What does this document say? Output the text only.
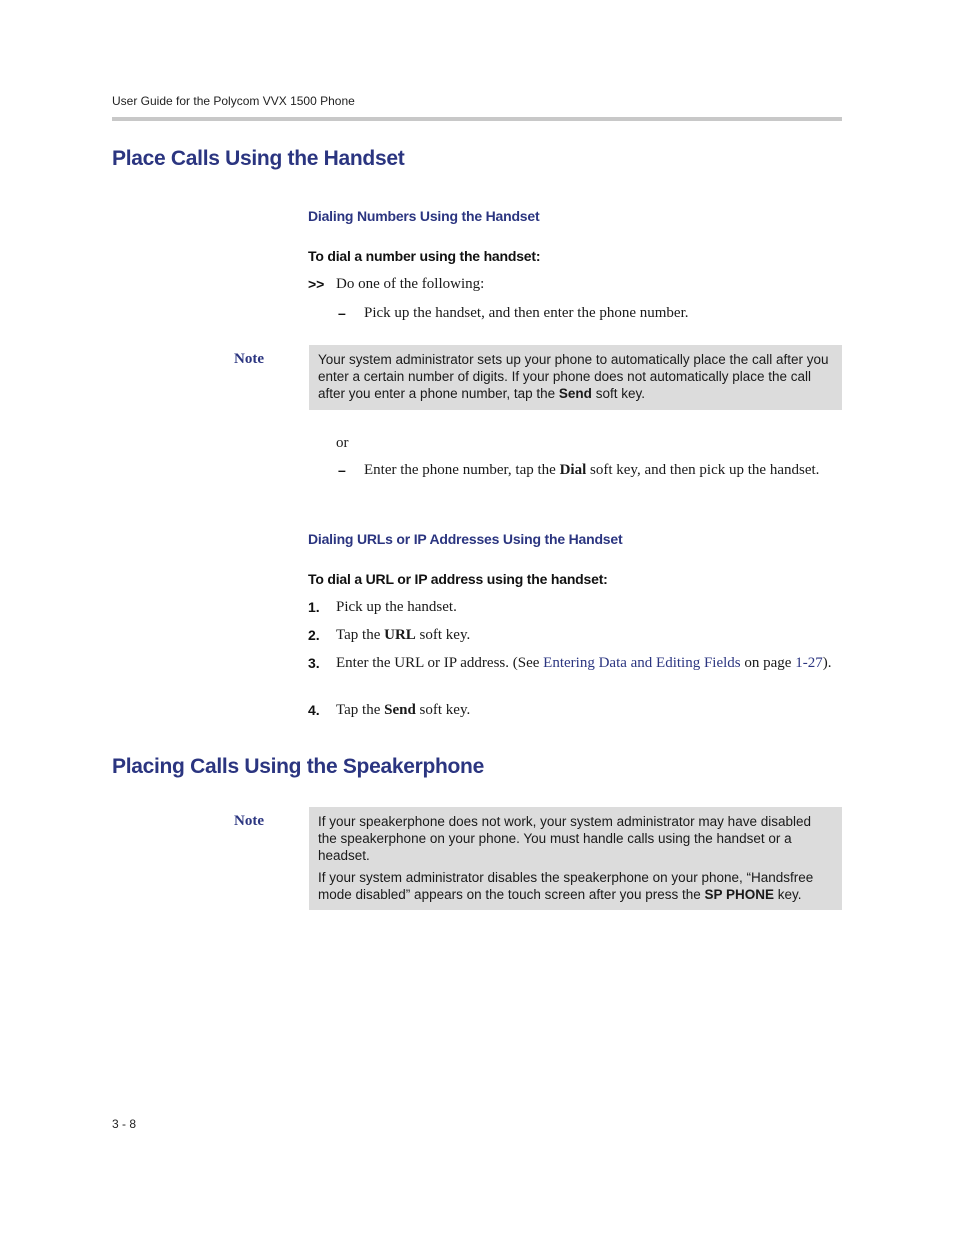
User Guide for the Polycom VVX 1500 Phone
Place Calls Using the Handset
Dialing Numbers Using the Handset
To dial a number using the handset:
>> Do one of the following:
– Pick up the handset, and then enter the phone number.
Note	Your system administrator sets up your phone to automatically place the call after you enter a certain number of digits. If your phone does not automatically place the call after you enter a phone number, tap the Send soft key.

or
– Enter the phone number, tap the Dial soft key, and then pick up the handset.
Dialing URLs or IP Addresses Using the Handset
To dial a URL or IP address using the handset:
1. Pick up the handset.
2. Tap the URL soft key.
3. Enter the URL or IP address. (See Entering Data and Editing Fields on page 1-27).
4. Tap the Send soft key.
Placing Calls Using the Speakerphone
Note	If your speakerphone does not work, your system administrator may have disabled the speakerphone on your phone. You must handle calls using the handset or a headset.

If your system administrator disables the speakerphone on your phone, “Handsfree mode disabled” appears on the touch screen after you press the SP PHONE key.

3 - 8
